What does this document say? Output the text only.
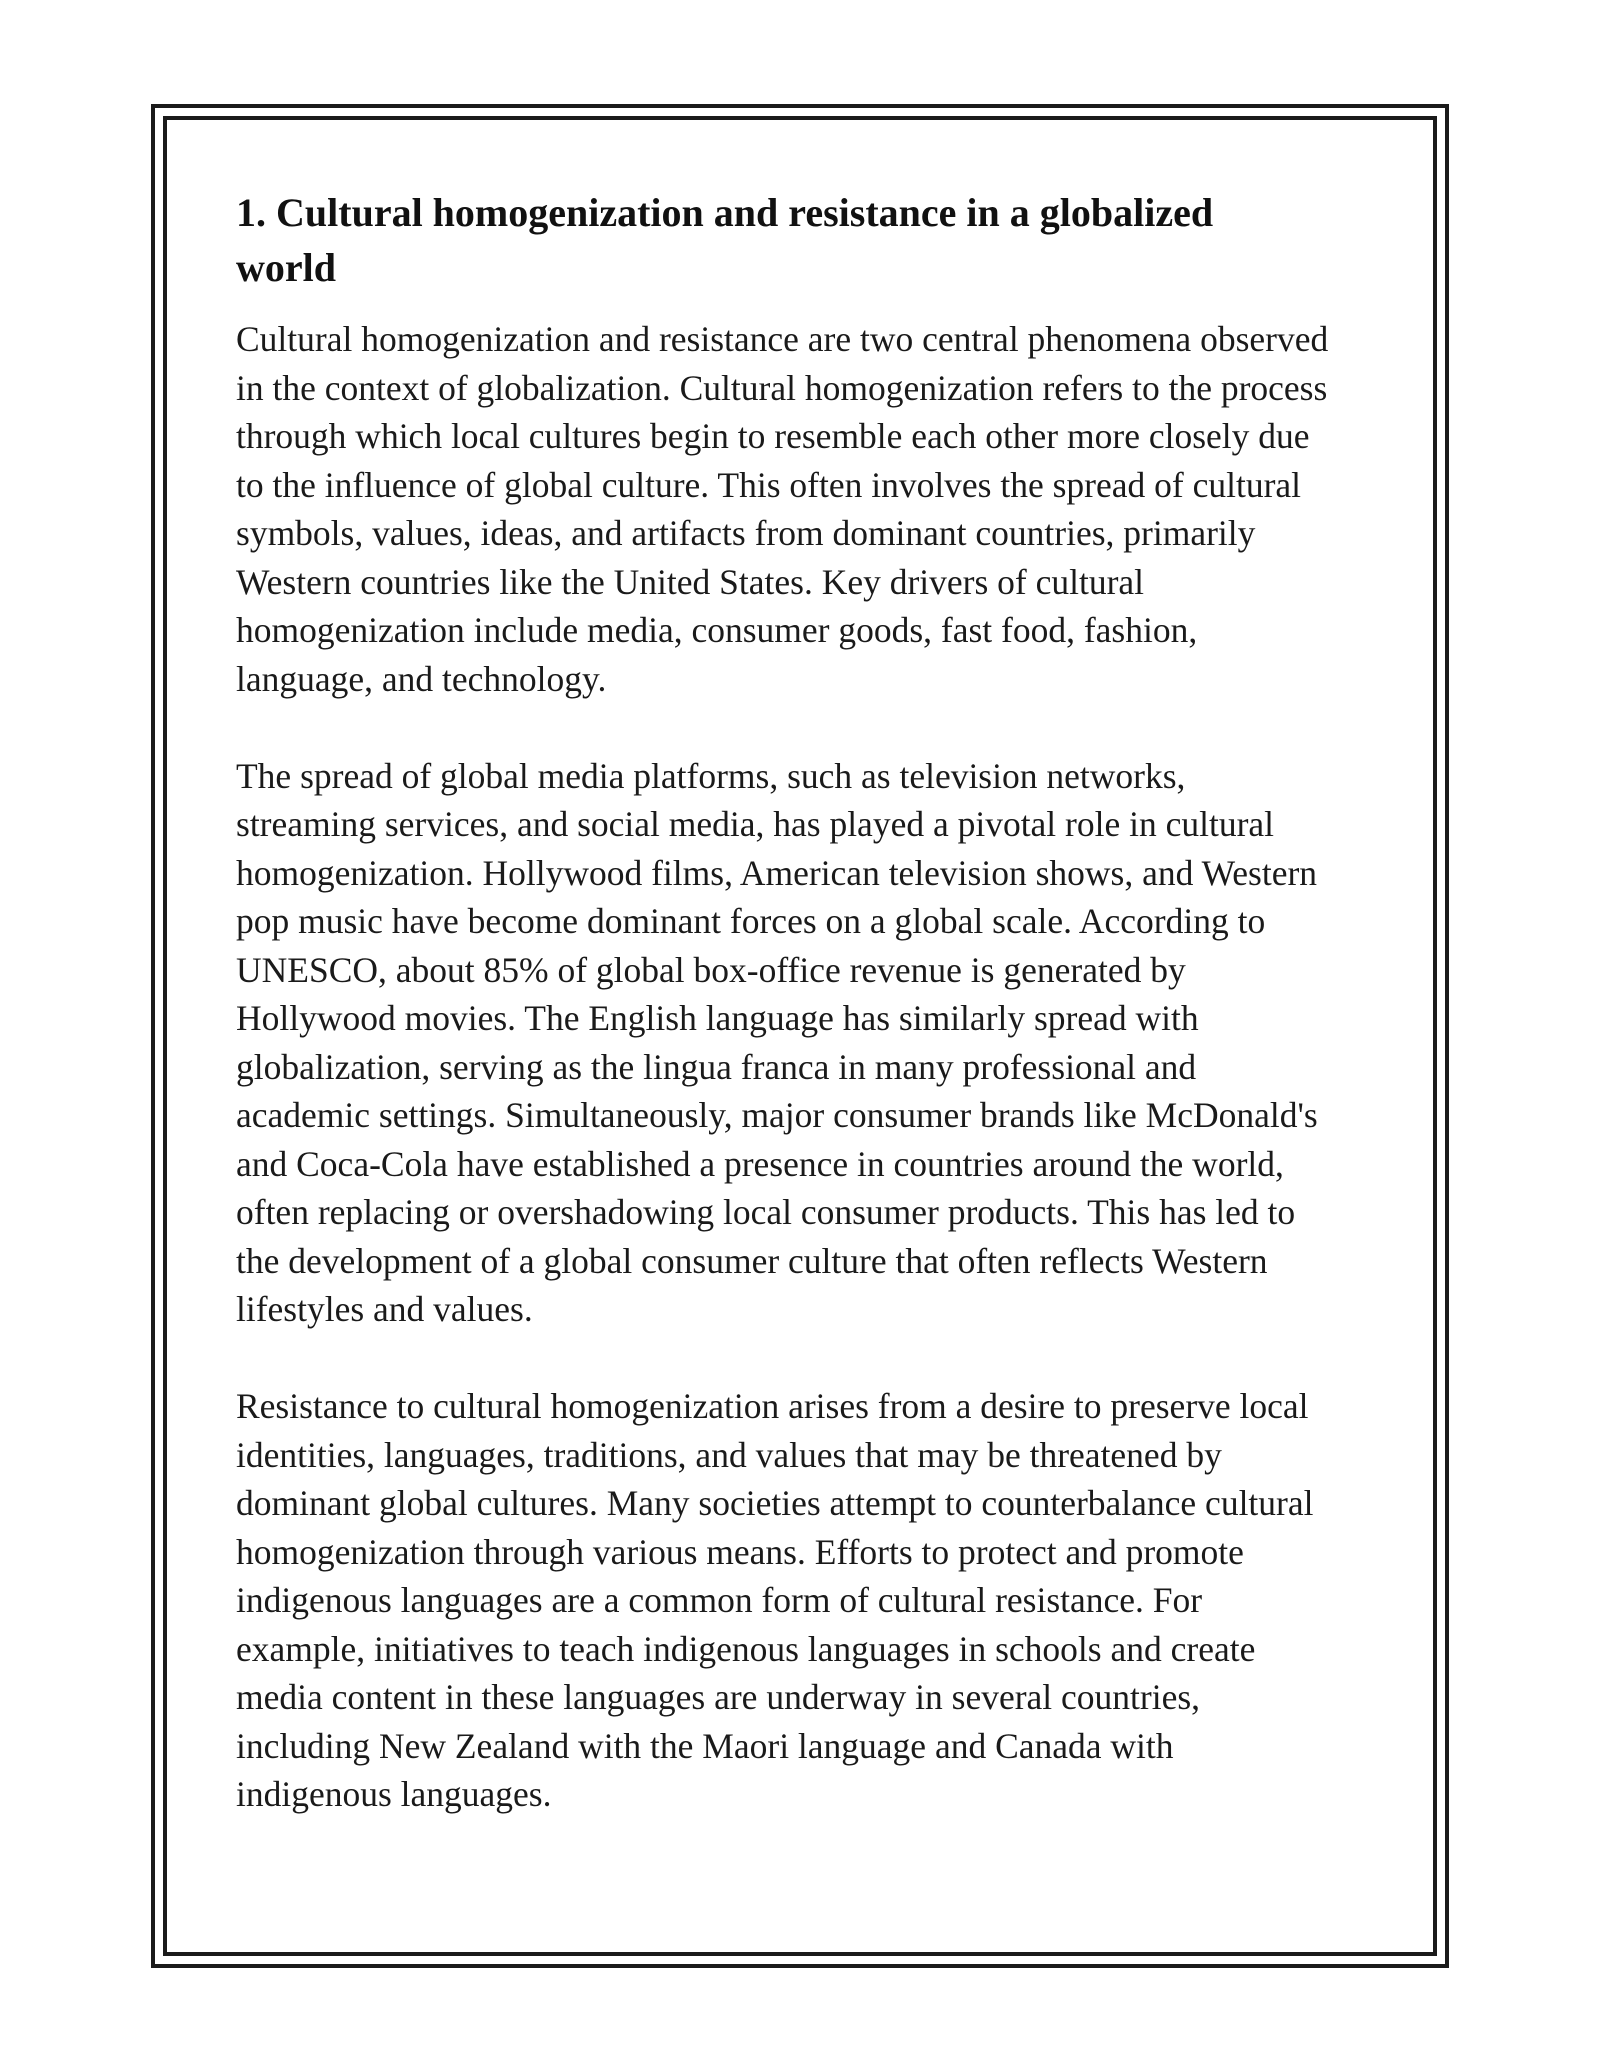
1. Cultural homogenization and resistance in a globalized
world

Cultural homogenization and resistance are two central phenomena observed
in the context of globalization. Cultural homogenization refers to the process
through which local cultures begin to resemble each other more closely due
to the influence of global culture. This often involves the spread of cultural
symbols, values, ideas, and artifacts from dominant countries, primarily
Western countries like the United States. Key drivers of cultural
homogenization include media, consumer goods, fast food, fashion,
language, and technology.

The spread of global media platforms, such as television networks,
streaming services, and social media, has played a pivotal role in cultural
homogenization. Hollywood films, American television shows, and Western
pop music have become dominant forces on a global scale. According to
UNESCO, about 85% of global box-office revenue is generated by
Hollywood movies. The English language has similarly spread with
globalization, serving as the lingua franca in many professional and
academic settings. Simultaneously, major consumer brands like McDonald's
and Coca-Cola have established a presence in countries around the world,
often replacing or overshadowing local consumer products. This has led to
the development of a global consumer culture that often reflects Western
lifestyles and values.

Resistance to cultural homogenization arises from a desire to preserve local
identities, languages, traditions, and values that may be threatened by
dominant global cultures. Many societies attempt to counterbalance cultural
homogenization through various means. Efforts to protect and promote
indigenous languages are a common form of cultural resistance. For
example, initiatives to teach indigenous languages in schools and create
media content in these languages are underway in several countries,
including New Zealand with the Maori language and Canada with
indigenous languages.
